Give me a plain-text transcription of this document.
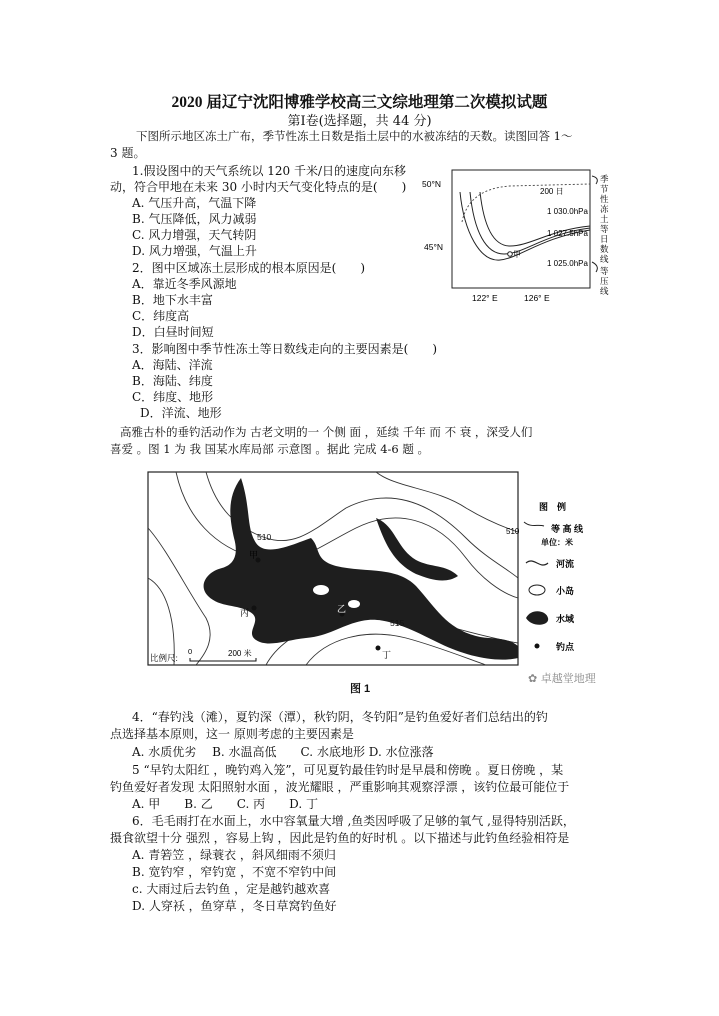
2020 届辽宁沈阳博雅学校高三文综地理第二次模拟试题
第Ⅰ卷(选择题，共 44 分)
下图所示地区冻土广布，季节性冻土日数是指土层中的水被冻结的天数。读图回答 1～
3 题。
1.假设图中的天气系统以 120 千米/日的速度向东移
动，符合甲地在未来 30 小时内天气变化特点的是(　　)
A. 气压升高，气温下降
B. 气压降低，风力减弱
C. 风力增强，天气转阴
D. 风力增强，气温上升
2．图中区域冻土层形成的根本原因是(　　)
A．靠近冬季风源地
B．地下水丰富
C．纬度高
D．白昼时间短
3．影响图中季节性冻土等日数线走向的主要因素是(　　)
A．海陆、洋流
B．海陆、纬度
C．纬度、地形
D．洋流、地形
50°N
45°N
122° E	126° E
200 日
1 030.0hPa
1 027.5hPa
1 025.0hPa
甲
季
节
性
冻
土
等
日
数
线
等
压
线
高雅古朴的垂钓活动作为 古老文明的一 个侧 面 ，延续 千年 而 不 衰 ，深受人们
喜爱 。图 1 为 我 国某水库局部 示意图 。据此 完成 4-6 题 。
510
515
甲
丙	乙
丁
比例尺:
0	200 米
图　例
510	等 高 线
单位：米
河流
小岛
水域
钓点
图 1
✿ 卓越堂地理
4．“春钓浅（滩），夏钓深（潭），秋钓阴，冬钓阳”是钓鱼爱好者们总结出的钓
点选择基本原则，这一 原则考虑的主要因素是
A. 水质优劣　 B. 水温高低　　C. 水底地形 D. 水位涨落
5 “早钓太阳红 ，晚钓鸡入笼”，可见夏钓最佳钓时是早晨和傍晚 。夏日傍晚 ，某
钓鱼爱好者发现 太阳照射水面 ，波光耀眼 ，严重影响其观察浮漂 ，该钓位最可能位于
A. 甲　　B. 乙　　C. 丙　　D. 丁
6．毛毛雨打在水面上，水中容氧量大增 ,鱼类因呼吸了足够的氧气 ,显得特别活跃，
摄食欲望十分 强烈 ，容易上钩 ，因此是钓鱼的好时机 。以下描述与此钓鱼经验相符是
A. 青箬笠 ，绿蓑衣 ，斜风细雨不须归
B. 宽钓窄 ，窄钓宽 ，不宽不窄钓中间
c. 大雨过后去钓鱼 ，定是越钓越欢喜
D. 人穿袄 ，鱼穿草 ，冬日草窝钓鱼好
